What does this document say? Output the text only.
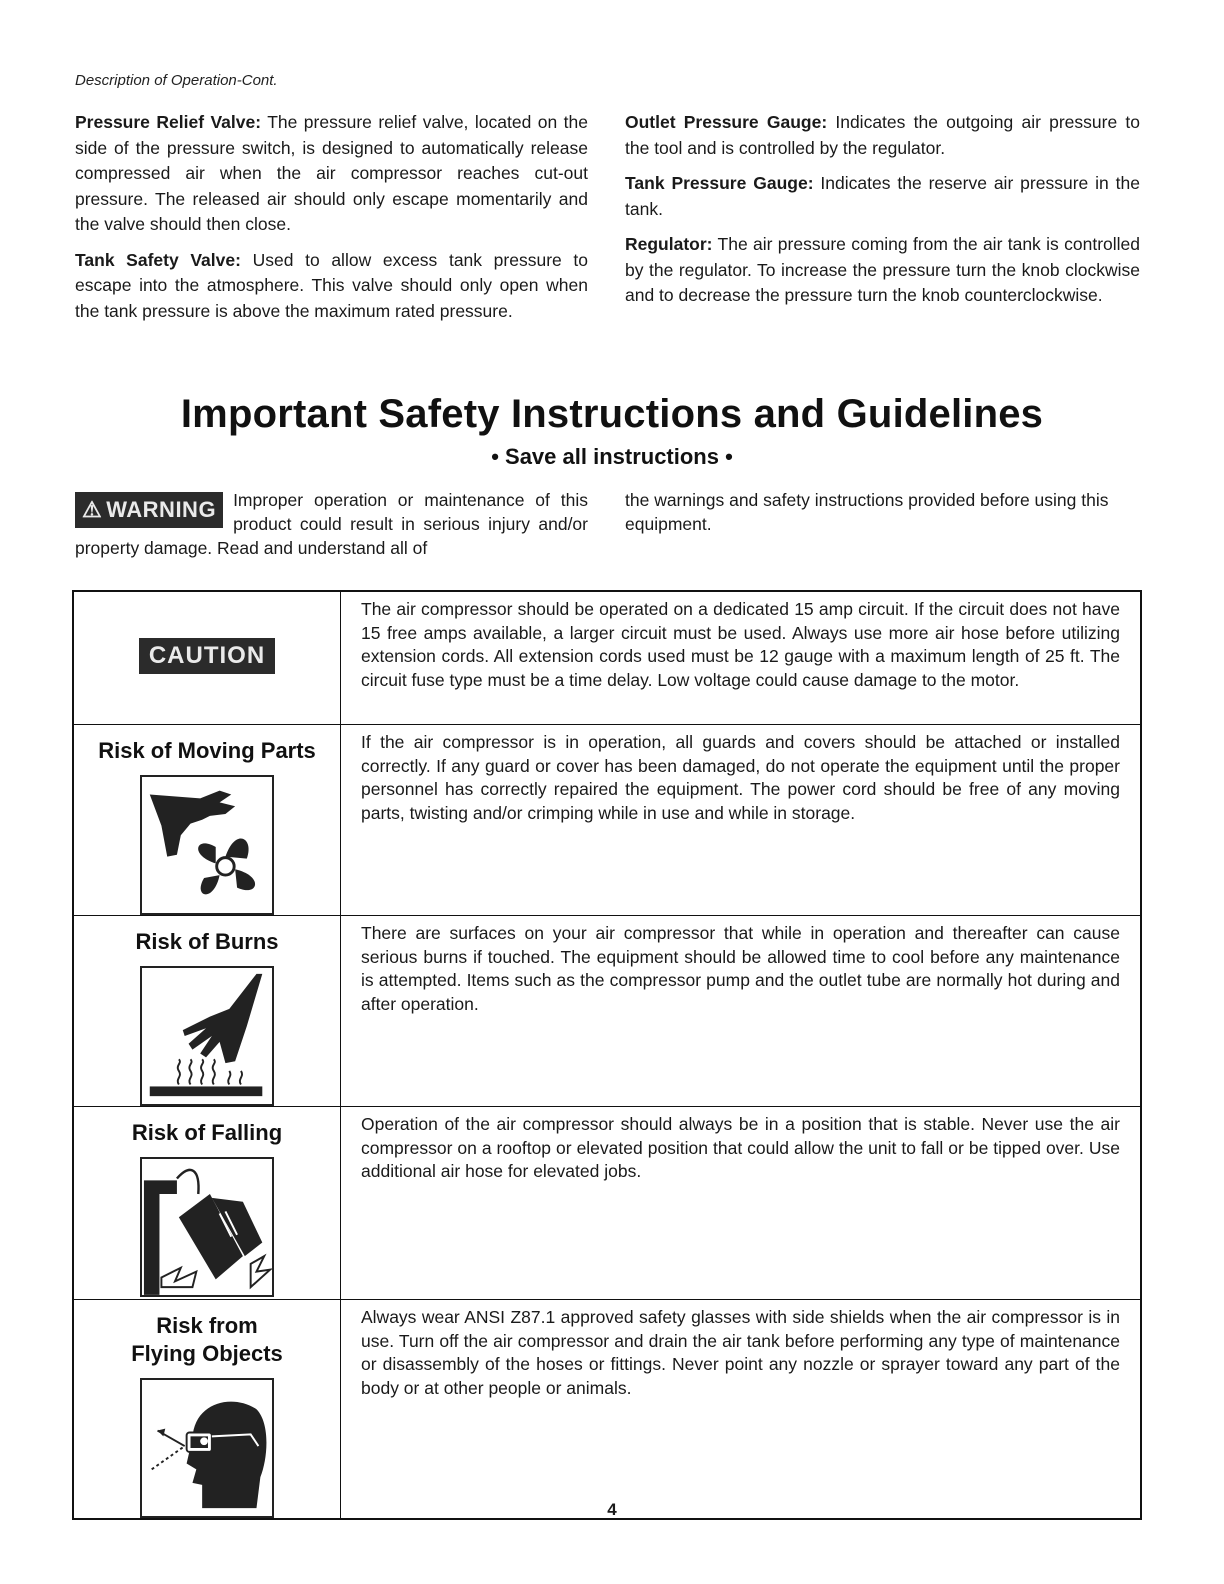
Description of Operation-Cont.

Pressure Relief Valve: The pressure relief valve, located on the side of the pressure switch, is designed to automatically release compressed air when the air compressor reaches cut-out pressure. The released air should only escape momentarily and the valve should then close.

Tank Safety Valve: Used to allow excess tank pressure to escape into the atmosphere. This valve should only open when the tank pressure is above the maximum rated pressure.

Outlet Pressure Gauge: Indicates the outgoing air pressure to the tool and is controlled by the regulator.

Tank Pressure Gauge: Indicates the reserve air pressure in the tank.

Regulator: The air pressure coming from the air tank is controlled by the regulator. To increase the pressure turn the knob clockwise and to decrease the pressure turn the knob counterclockwise.

Important Safety Instructions and Guidelines
• Save all instructions •
⚠ WARNING Improper operation or maintenance of this product could result in serious injury and/or property damage. Read and understand all of
the warnings and safety instructions provided before using this equipment.
CAUTION	The air compressor should be operated on a dedicated 15 amp circuit. If the circuit does not have 15 free amps available, a larger circuit must be used. Always use more air hose before utilizing extension cords. All extension cords used must be 12 gauge with a maximum length of 25 ft. The circuit fuse type must be a time delay. Low voltage could cause damage to the motor.

Risk of Moving Parts	If the air compressor is in operation, all guards and covers should be attached or installed correctly. If any guard or cover has been damaged, do not operate the equipment until the proper personnel has correctly repaired the equipment. The power cord should be free of any moving parts, twisting and/or crimping while in use and while in storage.

Risk of Burns	There are surfaces on your air compressor that while in operation and thereafter can cause serious burns if touched. The equipment should be allowed time to cool before any maintenance is attempted. Items such as the compressor pump and the outlet tube are normally hot during and after operation.

Risk of Falling	Operation of the air compressor should always be in a position that is stable. Never use the air compressor on a rooftop or elevated position that could allow the unit to fall or be tipped over. Use additional air hose for elevated jobs.

Risk from
Flying Objects	Always wear ANSI Z87.1 approved safety glasses with side shields when the air compressor is in use. Turn off the air compressor and drain the air tank before performing any type of maintenance or disassembly of the hoses or fittings. Never point any nozzle or sprayer toward any part of the body or at other people or animals.
4
